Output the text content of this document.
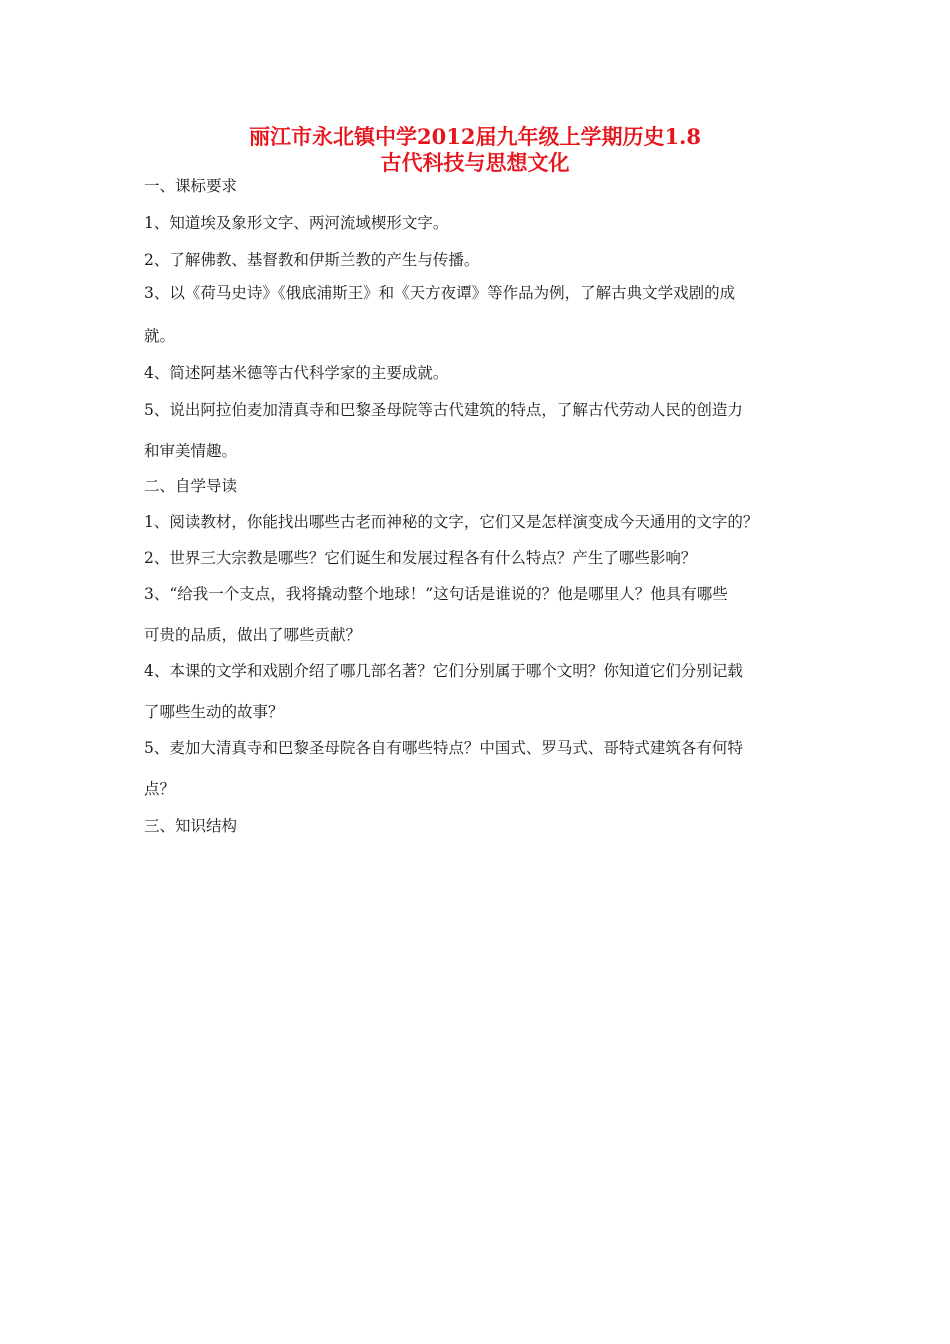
丽江市永北镇中学2012届九年级上学期历史1.8
古代科技与思想文化
一、课标要求
1、知道埃及象形文字、两河流域楔形文字。
2、了解佛教、基督教和伊斯兰教的产生与传播。
3、以《荷马史诗》《俄底浦斯王》和《天方夜谭》等作品为例，了解古典文学戏剧的成
就。
4、简述阿基米德等古代科学家的主要成就。
5、说出阿拉伯麦加清真寺和巴黎圣母院等古代建筑的特点，了解古代劳动人民的创造力
和审美情趣。
二、自学导读
1、阅读教材，你能找出哪些古老而神秘的文字，它们又是怎样演变成今天通用的文字的？
2、世界三大宗教是哪些？它们诞生和发展过程各有什么特点？产生了哪些影响？
3、“给我一个支点，我将撬动整个地球！”这句话是谁说的？他是哪里人？他具有哪些
可贵的品质，做出了哪些贡献？
4、本课的文学和戏剧介绍了哪几部名著？它们分别属于哪个文明？你知道它们分别记载
了哪些生动的故事？
5、麦加大清真寺和巴黎圣母院各自有哪些特点？中国式、罗马式、哥特式建筑各有何特
点？
三、知识结构
